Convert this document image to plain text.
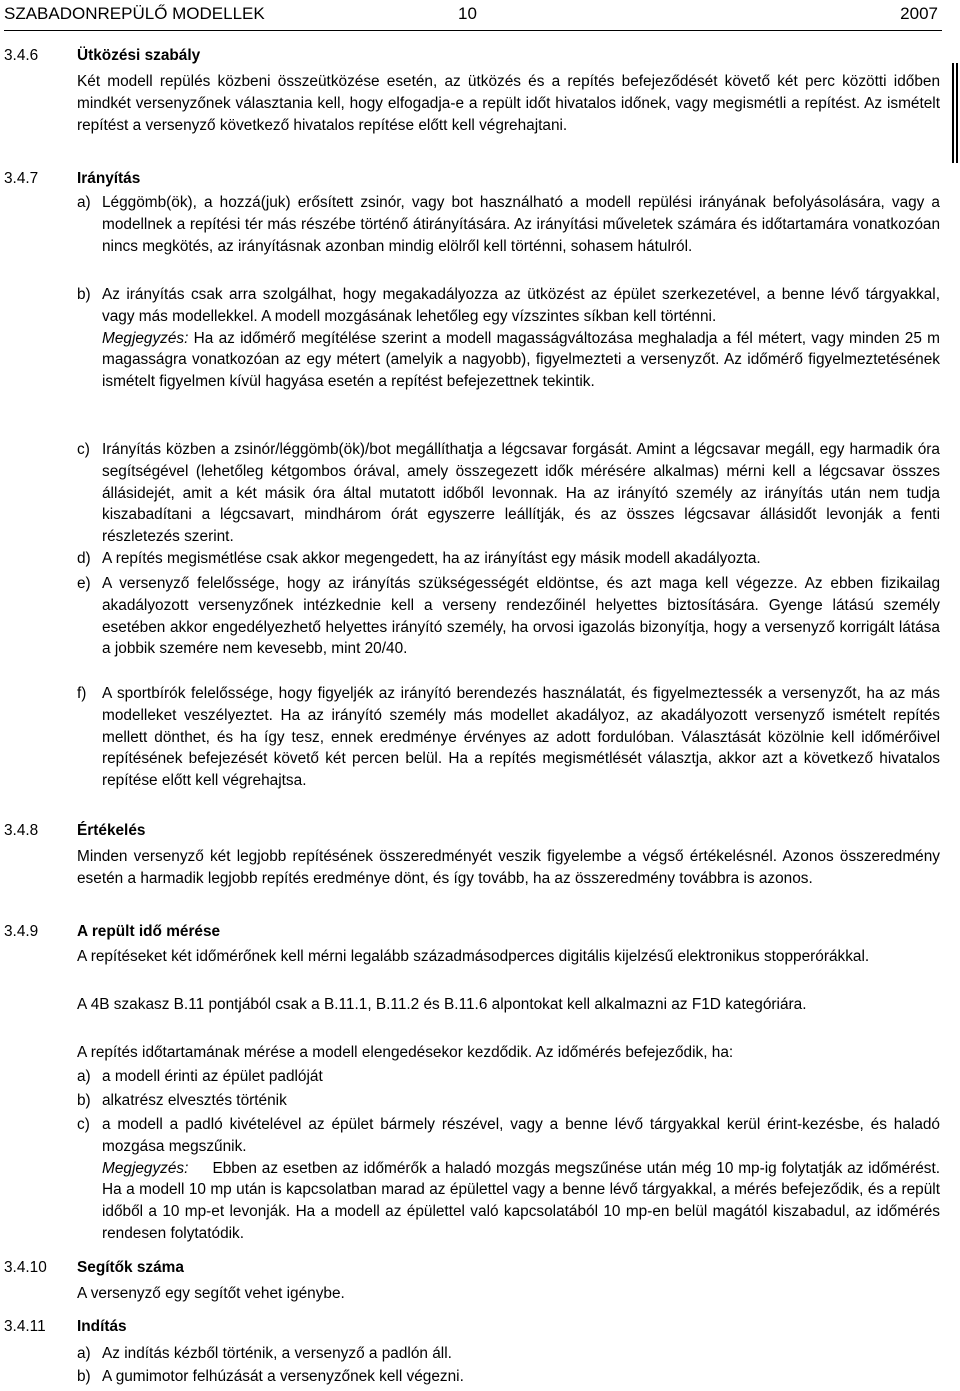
SZABADONREPÜLŐ MODELLEK	10	2007
3.4.6	Ütközési szabály

Két modell repülés közbeni összeütközése esetén, az ütközés és a repítés befejeződését követő két perc közötti időben mindkét versenyzőnek választania kell, hogy elfogadja-e a repült időt hivatalos időnek, vagy megismétli a repítést. Az ismételt repítést a versenyző következő hivatalos repítése előtt kell végrehajtani.

3.4.7	Irányítás
a) Léggömb(ök), a hozzá(juk) erősített zsinór, vagy bot használható a modell repülési irányának befolyásolására, vagy a modellnek a repítési tér más részébe történő átirányítására. Az irányítási műveletek számára és időtartamára vonatkozóan nincs megkötés, az irányításnak azonban mindig elölről kell történni, sohasem hátulról.
b) Az irányítás csak arra szolgálhat, hogy megakadályozza az ütközést az épület szerkezetével, a benne lévő tárgyakkal, vagy más modellekkel. A modell mozgásának lehetőleg egy vízszintes síkban kell történni.

Megjegyzés: Ha az időmérő megítélése szerint a modell magasságváltozása meghaladja a fél métert, vagy minden 25 m magasságra vonatkozóan az egy métert (amelyik a nagyobb), figyelmezteti a versenyzőt. Az időmérő figyelmeztetésének ismételt figyelmen kívül hagyása esetén a repítést befejezettnek tekintik.

c) Irányítás közben a zsinór/léggömb(ök)/bot megállíthatja a légcsavar forgását. Amint a légcsavar megáll, egy harmadik óra segítségével (lehetőleg kétgombos órával, amely összegezett idők mérésére alkalmas) mérni kell a légcsavar összes állásidejét, amit a két másik óra által mutatott időből levonnak. Ha az irányító személy az irányítás után nem tudja kiszabadítani a légcsavart, mindhárom órát egyszerre leállítják, és az összes légcsavar állásidőt levonják a fenti részletezés szerint.
d) A repítés megismétlése csak akkor megengedett, ha az irányítást egy másik modell akadályozta.
e) A versenyző felelőssége, hogy az irányítás szükségességét eldöntse, és azt maga kell végezze. Az ebben fizikailag akadályozott versenyzőnek intézkednie kell a verseny rendezőinél helyettes biztosítására. Gyenge látású személy esetében akkor engedélyezhető helyettes irányító személy, ha orvosi igazolás bizonyítja, hogy a versenyző korrigált látása a jobbik szemére nem kevesebb, mint 20/40.
f) A sportbírók felelőssége, hogy figyeljék az irányító berendezés használatát, és figyelmeztessék a versenyzőt, ha az más modelleket veszélyeztet. Ha az irányító személy más modellet akadályoz, az akadályozott versenyző ismételt repítés mellett dönthet, és ha így tesz, ennek eredménye érvényes az adott fordulóban. Választását közölnie kell időmérőivel repítésének befejezését követő két percen belül. Ha a repítés megismétlését választja, akkor azt a következő hivatalos repítése előtt kell végrehajtsa.
3.4.8	Értékelés

Minden versenyző két legjobb repítésének összeredményét veszik figyelembe a végső értékelésnél. Azonos összeredmény esetén a harmadik legjobb repítés eredménye dönt, és így tovább, ha az összeredmény továbbra is azonos.

3.4.9	A repült idő mérése

A repítéseket két időmérőnek kell mérni legalább századmásodperces digitális kijelzésű elektronikus stopperórákkal.

A 4B szakasz B.11 pontjából csak a B.11.1, B.11.2 és B.11.6 alpontokat kell alkalmazni az F1D kategóriára.

A repítés időtartamának mérése a modell elengedésekor kezdődik. Az időmérés befejeződik, ha:

a) a modell érinti az épület padlóját
b) alkatrész elvesztés történik
c) a modell a padló kivételével az épület bármely részével, vagy a benne lévő tárgyakkal kerül érint-kezésbe, és haladó mozgása megszűnik.

Megjegyzés:     Ebben az esetben az időmérők a haladó mozgás megszűnése után még 10 mp-ig folytatják az időmérést. Ha a modell 10 mp után is kapcsolatban marad az épülettel vagy a benne lévő tárgyakkal, a mérés befejeződik, és a repült időből a 10 mp-et levonják. Ha a modell az épülettel való kapcsolatából 10 mp-en belül magától kiszabadul, az időmérés rendesen folytatódik.

3.4.10 Segítők száma

A versenyző egy segítőt vehet igénybe.

3.4.11 Indítás
a) Az indítás kézből történik, a versenyző a padlón áll.
b) A gumimotor felhúzását a versenyzőnek kell végezni.
